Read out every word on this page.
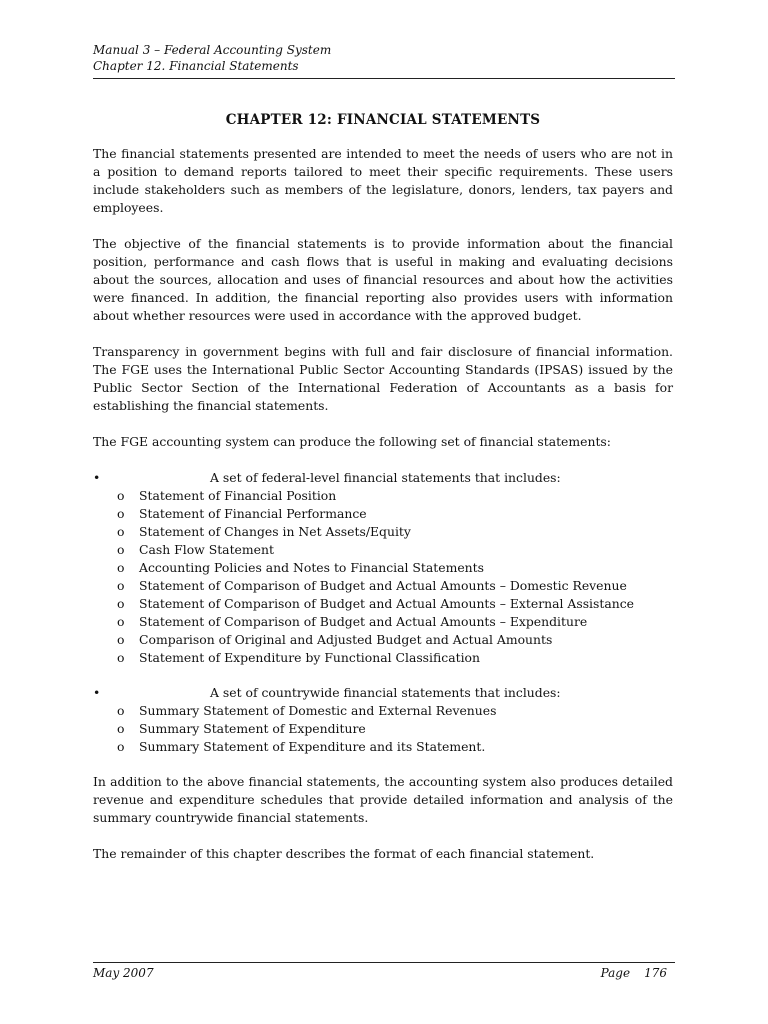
Manual 3 – Federal Accounting System
Chapter 12. Financial Statements
CHAPTER 12: FINANCIAL STATEMENTS

The financial statements presented are intended to meet the needs of users who are not in a position to demand reports tailored to meet their specific requirements. These users include stakeholders such as members of the legislature, donors, lenders, tax payers and employees.

The objective of the financial statements is to provide information about the financial position, performance and cash flows that is useful in making and evaluating decisions about the sources, allocation and uses of financial resources and about how the activities were financed. In addition, the financial reporting also provides users with information about whether resources were used in accordance with the approved budget.

Transparency in government begins with full and fair disclosure of financial information. The FGE uses the International Public Sector Accounting Standards (IPSAS) issued by the Public Sector Section of the International Federation of Accountants as a basis for establishing the financial statements.

The FGE accounting system can produce the following set of financial statements:

•	A set of federal-level financial statements that includes:
o	Statement of Financial Position
o	Statement of Financial Performance
o	Statement of Changes in Net Assets/Equity
o	Cash Flow Statement
o	Accounting Policies and Notes to Financial Statements
o	Statement of Comparison of Budget and Actual Amounts – Domestic Revenue
o	Statement of Comparison of Budget and Actual Amounts – External Assistance
o	Statement of Comparison of Budget and Actual Amounts – Expenditure
o	Comparison of Original and Adjusted Budget and Actual Amounts
o	Statement of Expenditure by Functional Classification
•	A set of countrywide financial statements that includes:
o	Summary Statement of Domestic and External Revenues
o	Summary Statement of Expenditure
o	Summary Statement of Expenditure and its Statement.

In addition to the above financial statements, the accounting system also produces detailed revenue and expenditure schedules that provide detailed information and analysis of the summary countrywide financial statements.

The remainder of this chapter describes the format of each financial statement.

May 2007	Page 176
